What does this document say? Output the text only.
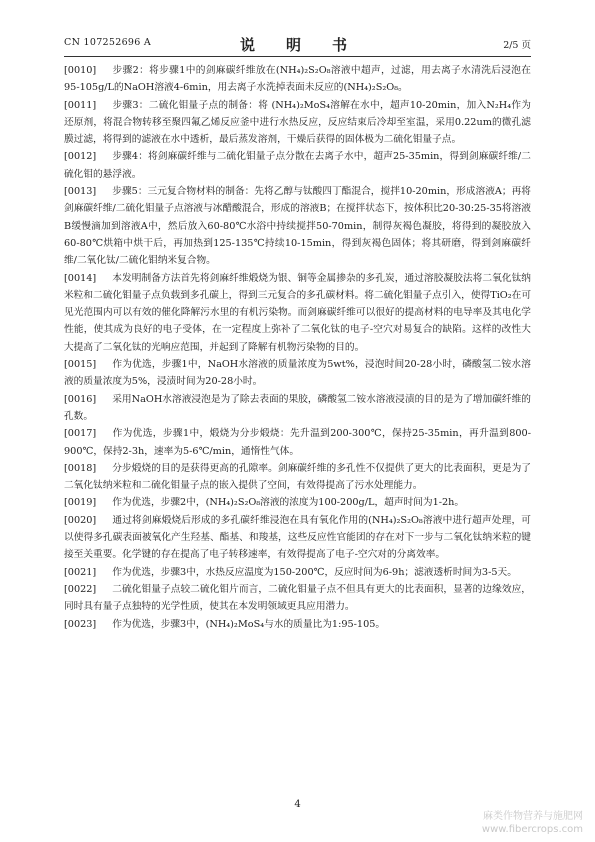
CN 107252696 A	说　明　书	2/5 页

[0010] 步骤2：将步骤1中的剑麻碳纤维放在(NH₄)₂S₂O₈溶液中超声，过滤，用去离子水清洗后浸泡在95-105g/L的NaOH溶液4-6min，用去离子水洗掉表面未反应的(NH₄)₂S₂O₈。

[0011] 步骤3：二硫化钼量子点的制备：将 (NH₄)₂MoS₄溶解在水中，超声10-20min，加入N₂H₄作为还原剂，将混合物转移至聚四氟乙烯反应釜中进行水热反应，反应结束后冷却至室温，采用0.22um的微孔滤膜过滤，将得到的滤液在水中透析，最后蒸发溶剂，干燥后获得的固体极为二硫化钼量子点。

[0012] 步骤4：将剑麻碳纤维与二硫化钼量子点分散在去离子水中，超声25-35min，得到剑麻碳纤维/二硫化钼的悬浮液。

[0013] 步骤5：三元复合物材料的制备：先将乙醇与钛酸四丁酯混合，搅拌10-20min，形成溶液A；再将剑麻碳纤维/二硫化钼量子点溶液与冰醋酸混合，形成的溶液B；在搅拌状态下，按体积比20-30:25-35将溶液B缓慢滴加到溶液A中，然后放入60-80℃水浴中持续搅拌50-70min，制得灰褐色凝胶，将得到的凝胶放入60-80℃烘箱中烘干后，再加热到125-135℃持续10-15min，得到灰褐色固体；将其研磨，得到剑麻碳纤维/二氧化钛/二硫化钼纳米复合物。

[0014] 本发明制备方法首先将剑麻纤维煅烧为银、铜等金属掺杂的多孔炭，通过溶胶凝胶法将二氧化钛纳米粒和二硫化钼量子点负载到多孔碳上，得到三元复合的多孔碳材料。将二硫化钼量子点引入，使得TiO₂在可见光范围内可以有效的催化降解污水里的有机污染物。而剑麻碳纤维可以很好的提高材料的电导率及其电化学性能，使其成为良好的电子受体，在一定程度上弥补了二氧化钛的电子-空穴对易复合的缺陷。这样的改性大大提高了二氧化钛的光响应范围，并起到了降解有机物污染物的目的。

[0015] 作为优选，步骤1中，NaOH水溶液的质量浓度为5wt%，浸泡时间20-28小时，磷酸氢二铵水溶液的质量浓度为5%，浸渍时间为20-28小时。

[0016] 采用NaOH水溶液浸泡是为了除去表面的果胶，磷酸氢二铵水溶液浸渍的目的是为了增加碳纤维的孔数。

[0017] 作为优选，步骤1中，煅烧为分步煅烧：先升温到200-300℃，保持25-35min，再升温到800-900℃，保持2-3h，速率为5-6℃/min，通惰性气体。

[0018] 分步煅烧的目的是获得更高的孔隙率。剑麻碳纤维的多孔性不仅提供了更大的比表面积，更是为了二氧化钛纳米粒和二硫化钼量子点的嵌入提供了空间，有效得提高了污水处理能力。

[0019] 作为优选，步骤2中，(NH₄)₂S₂O₈溶液的浓度为100-200g/L，超声时间为1-2h。

[0020] 通过将剑麻煅烧后形成的多孔碳纤维浸泡在具有氧化作用的(NH₄)₂S₂O₈溶液中进行超声处理，可以使得多孔碳表面被氧化产生羟基、酯基、和羧基，这些反应性官能团的存在对下一步与二氧化钛纳米粒的键接至关重要。化学键的存在提高了电子转移速率，有效得提高了电子-空穴对的分离效率。

[0021] 作为优选，步骤3中，水热反应温度为150-200℃，反应时间为6-9h；滤液透析时间为3-5天。

[0022] 二硫化钼量子点较二硫化钼片而言，二硫化钼量子点不但具有更大的比表面积，显著的边缘效应，同时具有量子点独特的光学性质，使其在本发明领域更具应用潜力。

[0023] 作为优选，步骤3中，(NH₄)₂MoS₄与水的质量比为1:95-105。

4
麻类作物营养与施肥网
www.fibercrops.com
